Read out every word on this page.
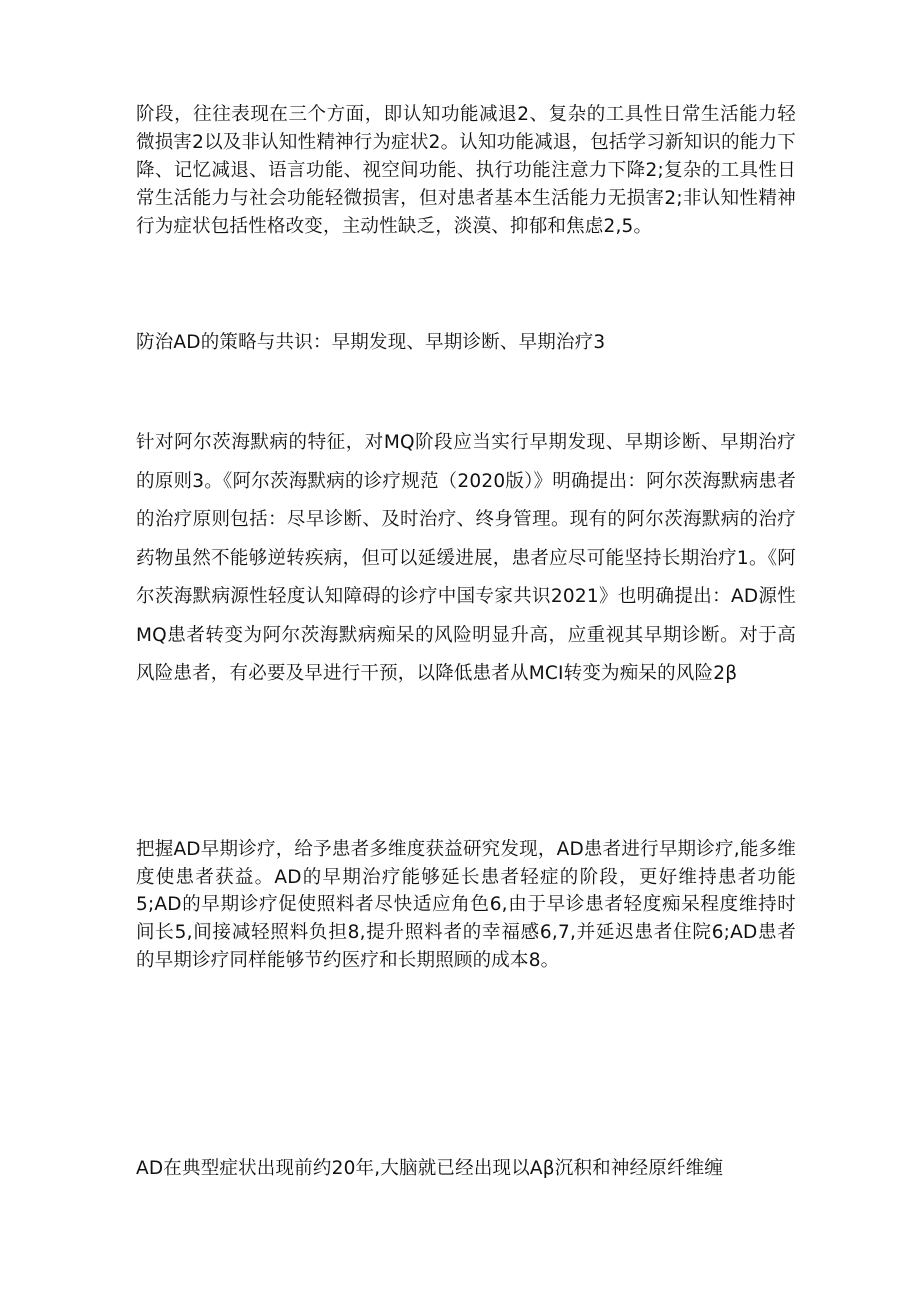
阶段，往往表现在三个方面，即认知功能减退2、复杂的工具性日常生活能力轻微损害2以及非认知性精神行为症状2。认知功能减退，包括学习新知识的能力下降、记忆减退、语言功能、视空间功能、执行功能注意力下降2;复杂的工具性日常生活能力与社会功能轻微损害，但对患者基本生活能力无损害2;非认知性精神行为症状包括性格改变，主动性缺乏，淡漠、抑郁和焦虑2,5。

防治AD的策略与共识：早期发现、早期诊断、早期治疗3

针对阿尔茨海默病的特征，对MQ阶段应当实行早期发现、早期诊断、早期治疗的原则3。《阿尔茨海默病的诊疗规范（2020版）》明确提出：阿尔茨海默病患者的治疗原则包括：尽早诊断、及时治疗、终身管理。现有的阿尔茨海默病的治疗药物虽然不能够逆转疾病，但可以延缓进展，患者应尽可能坚持长期治疗1。《阿尔茨海默病源性轻度认知障碍的诊疗中国专家共识2021》也明确提出：AD源性MQ患者转变为阿尔茨海默病痴呆的风险明显升高，应重视其早期诊断。对于高风险患者，有必要及早进行干预，以降低患者从MCI转变为痴呆的风险2β

把握AD早期诊疗，给予患者多维度获益研究发现，AD患者进行早期诊疗,能多维度使患者获益。AD的早期治疗能够延长患者轻症的阶段，更好维持患者功能5;AD的早期诊疗促使照料者尽快适应角色6,由于早诊患者轻度痴呆程度维持时间长5,间接减轻照料负担8,提升照料者的幸福感6,7,并延迟患者住院6;AD患者的早期诊疗同样能够节约医疗和长期照顾的成本8。

AD在典型症状出现前约20年,大脑就已经出现以Aβ沉积和神经原纤维缠
